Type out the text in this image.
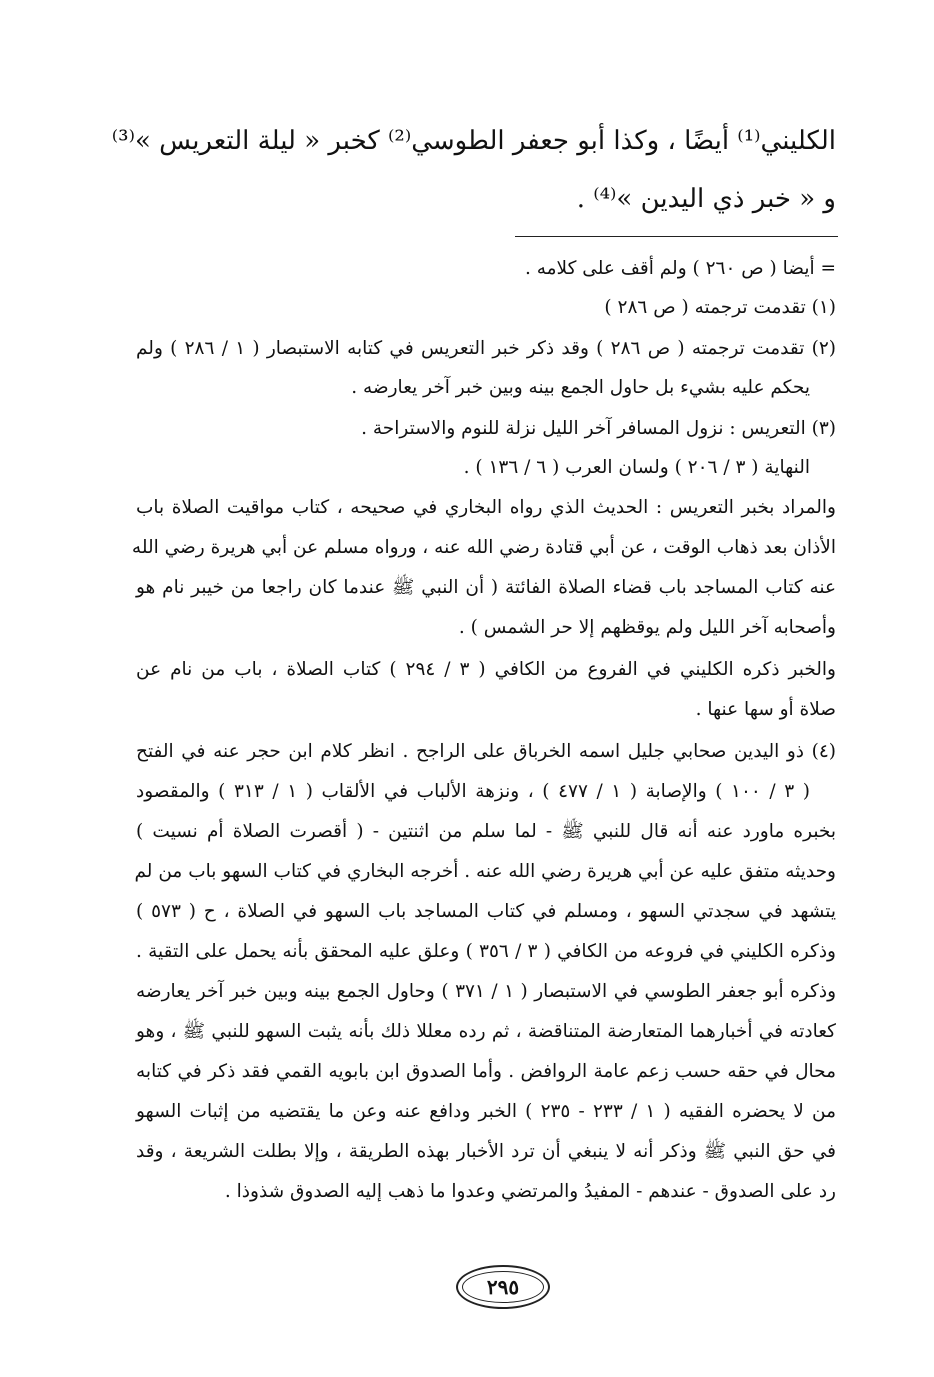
الكليني⁽¹⁾ أيضًا ، وكذا أبو جعفر الطوسي⁽²⁾ كخبر « ليلة التعريس »⁽³⁾
و « خبر ذي اليدين »⁽⁴⁾ .
= أيضا ( ص ٢٦٠ ) ولم أقف على كلامه .
(١) تقدمت ترجمته ( ص ٢٨٦ )
(٢) تقدمت ترجمته ( ص ٢٨٦ ) وقد ذكر خبر التعريس في كتابه الاستبصار ( ١ / ٢٨٦ ) ولم
يحكم عليه بشيء بل حاول الجمع بينه وبين خبر آخر يعارضه .
(٣) التعريس : نزول المسافر آخر الليل نزلة للنوم والاستراحة .
النهاية ( ٣ / ٢٠٦ ) ولسان العرب ( ٦ / ١٣٦ ) .
والمراد بخبر التعريس : الحديث الذي رواه البخاري في صحيحه ، كتاب مواقيت الصلاة باب
الأذان بعد ذهاب الوقت ، عن أبي قتادة رضي الله عنه ، ورواه مسلم عن أبي هريرة رضي الله
عنه كتاب المساجد باب قضاء الصلاة الفائتة ( أن النبي ﷺ عندما كان راجعا من خيبر نام هو
وأصحابه آخر الليل ولم يوقظهم إلا حر الشمس ) .
والخبر ذكره الكليني في الفروع من الكافي ( ٣ / ٢٩٤ ) كتاب الصلاة ، باب من نام عن
صلاة أو سها عنها .
(٤) ذو اليدين صحابي جليل اسمه الخرباق على الراجح . انظر كلام ابن حجر عنه في الفتح
( ٣ / ١٠٠ ) والإصابة ( ١ / ٤٧٧ ) ، ونزهة الألباب في الألقاب ( ١ / ٣١٣ ) والمقصود
بخبره ماورد عنه أنه قال للنبي ﷺ - لما سلم من اثنتين - ( أقصرت الصلاة أم نسيت )
وحديثه متفق عليه عن أبي هريرة رضي الله عنه . أخرجه البخاري في كتاب السهو باب من لم
يتشهد في سجدتي السهو ، ومسلم في كتاب المساجد باب السهو في الصلاة ، ح ( ٥٧٣ )
وذكره الكليني في فروعه من الكافي ( ٣ / ٣٥٦ ) وعلق عليه المحقق بأنه يحمل على التقية .
وذكره أبو جعفر الطوسي في الاستبصار ( ١ / ٣٧١ ) وحاول الجمع بينه وبين خبر آخر يعارضه
كعادته في أخبارهما المتعارضة المتناقضة ، ثم رده معللا ذلك بأنه يثبت السهو للنبي ﷺ ، وهو
محال في حقه حسب زعم عامة الروافض . وأما الصدوق ابن بابويه القمي فقد ذكر في كتابه
من لا يحضره الفقيه ( ١ / ٢٣٣ - ٢٣٥ ) الخبر ودافع عنه وعن ما يقتضيه من إثبات السهو
في حق النبي ﷺ وذكر أنه لا ينبغي أن ترد الأخبار بهذه الطريقة ، وإلا بطلت الشريعة ، وقد
رد على الصدوق - عندهم - المفيدُ والمرتضي وعدوا ما ذهب إليه الصدوق شذوذا .
٢٩٥
